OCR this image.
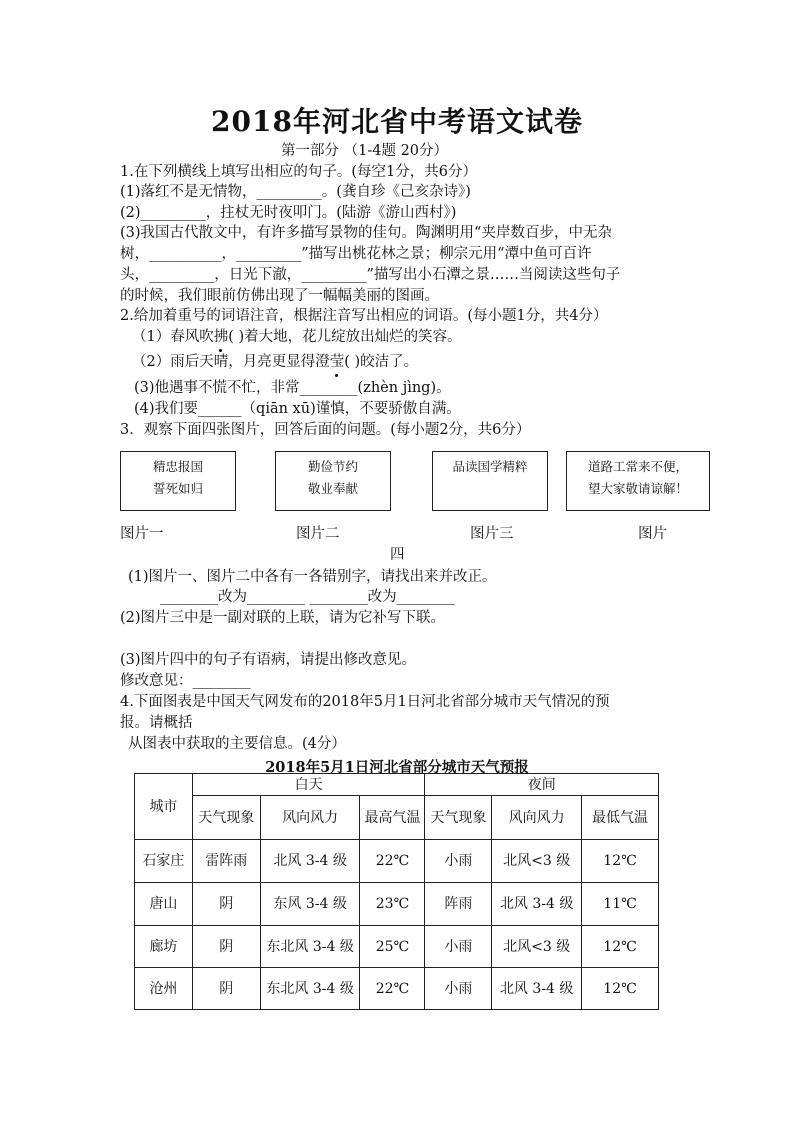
2018年河北省中考语文试卷
第一部分 （1-4题 20分）
1.在下列横线上填写出相应的句子。(每空1分，共6分）
(1)落红不是无情物，_________。(龚自珍《己亥杂诗》)
(2)_________，拄杖无时夜叩门。(陆游《游山西村》)
(3)我国古代散文中，有许多描写景物的佳句。陶渊明用“夹岸数百步，中无杂
树，__________，_________”描写出桃花林之景；柳宗元用“潭中鱼可百许
头，_________，日光下澈，_________”描写出小石潭之景……当阅读这些句子
的时候，我们眼前仿佛出现了一幅幅美丽的图画。
2.给加着重号的词语注音，根据注音写出相应的词语。(每小题1分，共4分）
（1）春风吹拂( )着大地，花儿绽放出灿烂的笑容。
（2）雨后天晴，月亮更显得澄莹( )皎洁了。
(3)他遇事不慌不忙，非常________(zhèn jìng)。
(4)我们要______（qiān xū)谨慎，不要骄傲自满。
3．观察下面四张图片，回答后面的问题。(每小题2分，共6分）
精忠报国
誓死如归
勤俭节约
敬业奉献
品读国学精粹	道路工常来不便，
望大家敬请谅解！
图片一	图片二	图片三	图片
四
(1)图片一、图片二中各有一各错别字，请找出来并改正。
________改为________ ________改为________
(2)图片三中是一副对联的上联，请为它补写下联。
(3)图片四中的句子有语病，请提出修改意见。
修改意见：________
4.下面图表是中国天气网发布的2018年5月1日河北省部分城市天气情况的预
报。请概括
从图表中获取的主要信息。(4分）
2018年5月1日河北省部分城市天气预报
城市	白天			夜间		
	天气现象	风向风力	最高气温	天气现象	风向风力	最低气温
石家庄	雷阵雨	北风 3-4 级	22℃	小雨	北风<3 级	12℃
唐山	阴	东风 3-4 级	23℃	阵雨	北风 3-4 级	11℃
廊坊	阴	东北风 3-4 级	25℃	小雨	北风<3 级	12℃
沧州	阴	东北风 3-4 级	22℃	小雨	北风 3-4 级	12℃
